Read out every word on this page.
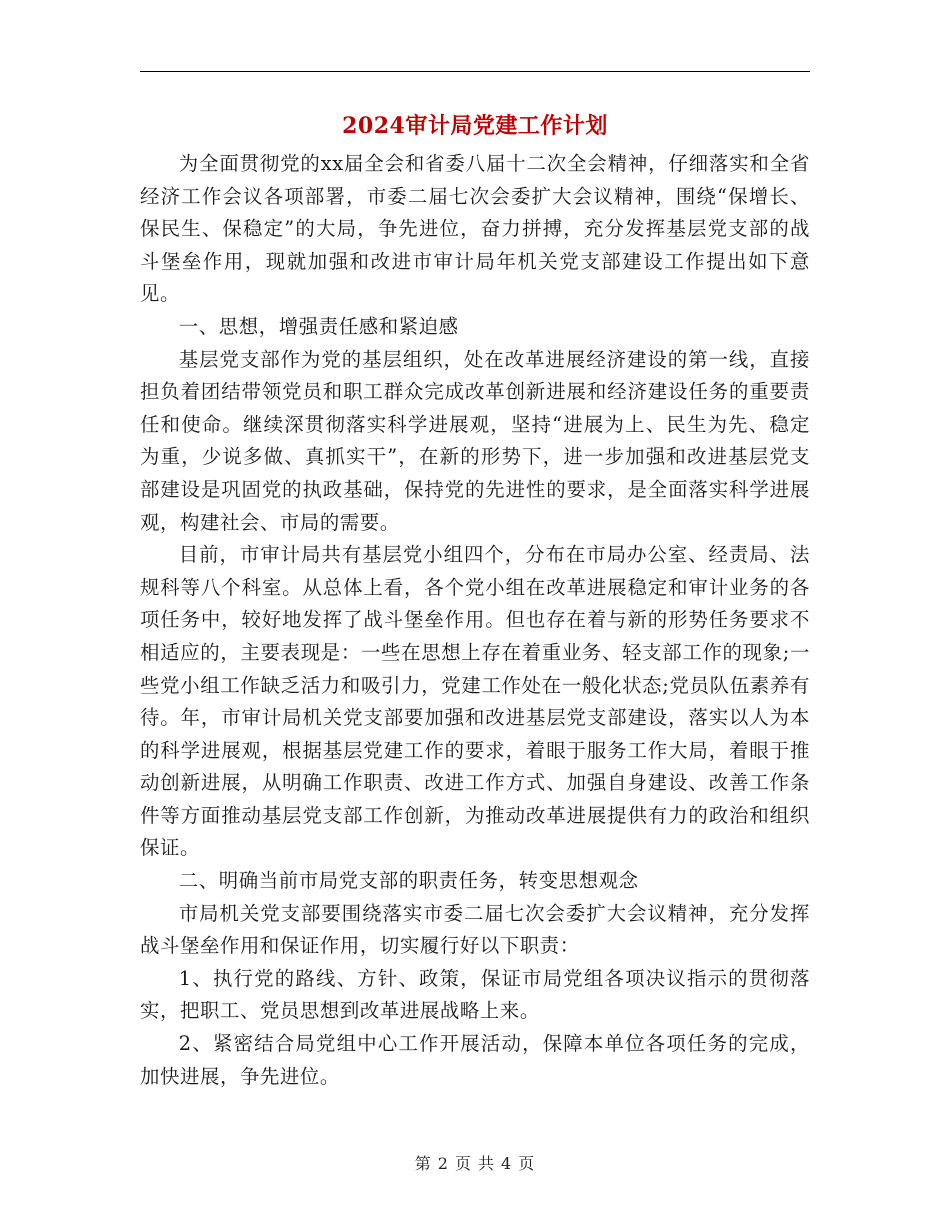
2024审计局党建工作计划

为全面贯彻党的xx届全会和省委八届十二次全会精神，仔细落实和全省经济工作会议各项部署，市委二届七次会委扩大会议精神，围绕“保增长、保民生、保稳定”的大局，争先进位，奋力拼搏，充分发挥基层党支部的战斗堡垒作用，现就加强和改进市审计局年机关党支部建设工作提出如下意见。

一、思想，增强责任感和紧迫感

基层党支部作为党的基层组织，处在改革进展经济建设的第一线，直接担负着团结带领党员和职工群众完成改革创新进展和经济建设任务的重要责任和使命。继续深贯彻落实科学进展观，坚持“进展为上、民生为先、稳定为重，少说多做、真抓实干”，在新的形势下，进一步加强和改进基层党支部建设是巩固党的执政基础，保持党的先进性的要求，是全面落实科学进展观，构建社会、市局的需要。

目前，市审计局共有基层党小组四个，分布在市局办公室、经责局、法规科等八个科室。从总体上看，各个党小组在改革进展稳定和审计业务的各项任务中，较好地发挥了战斗堡垒作用。但也存在着与新的形势任务要求不相适应的，主要表现是：一些在思想上存在着重业务、轻支部工作的现象;一些党小组工作缺乏活力和吸引力，党建工作处在一般化状态;党员队伍素养有待。年，市审计局机关党支部要加强和改进基层党支部建设，落实以人为本的科学进展观，根据基层党建工作的要求，着眼于服务工作大局，着眼于推动创新进展，从明确工作职责、改进工作方式、加强自身建设、改善工作条件等方面推动基层党支部工作创新，为推动改革进展提供有力的政治和组织保证。

二、明确当前市局党支部的职责任务，转变思想观念

市局机关党支部要围绕落实市委二届七次会委扩大会议精神，充分发挥战斗堡垒作用和保证作用，切实履行好以下职责：

1、执行党的路线、方针、政策，保证市局党组各项决议指示的贯彻落实，把职工、党员思想到改革进展战略上来。

2、紧密结合局党组中心工作开展活动，保障本单位各项任务的完成，加快进展，争先进位。

第 2 页 共 4 页
